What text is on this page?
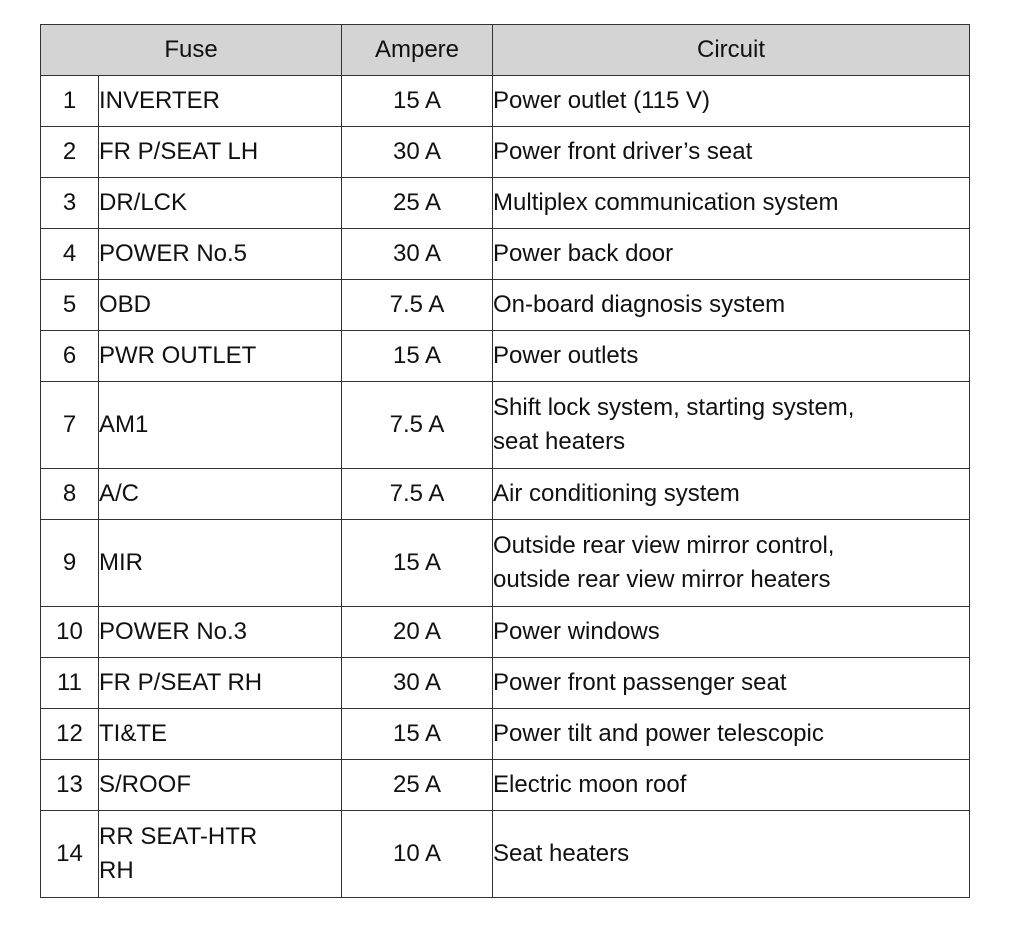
Fuse		Ampere	Circuit
1	INVERTER	15 A	Power outlet (115 V)

2	FR P/SEAT LH	30 A	Power front driver’s seat

3	DR/LCK	25 A	Multiplex communication system

4	POWER No.5	30 A	Power back door

5	OBD	7.5 A	On-board diagnosis system

6	PWR OUTLET	15 A	Power outlets

7	AM1	7.5 A	Shift lock system, starting system,
seat heaters

8	A/C	7.5 A	Air conditioning system

9	MIR	15 A	Outside rear view mirror control,
outside rear view mirror heaters

10	POWER No.3	20 A	Power windows

11	FR P/SEAT RH	30 A	Power front passenger seat

12	TI&TE	15 A	Power tilt and power telescopic

13	S/ROOF	25 A	Electric moon roof

14	RR SEAT-HTR
RH	10 A	Seat heaters
